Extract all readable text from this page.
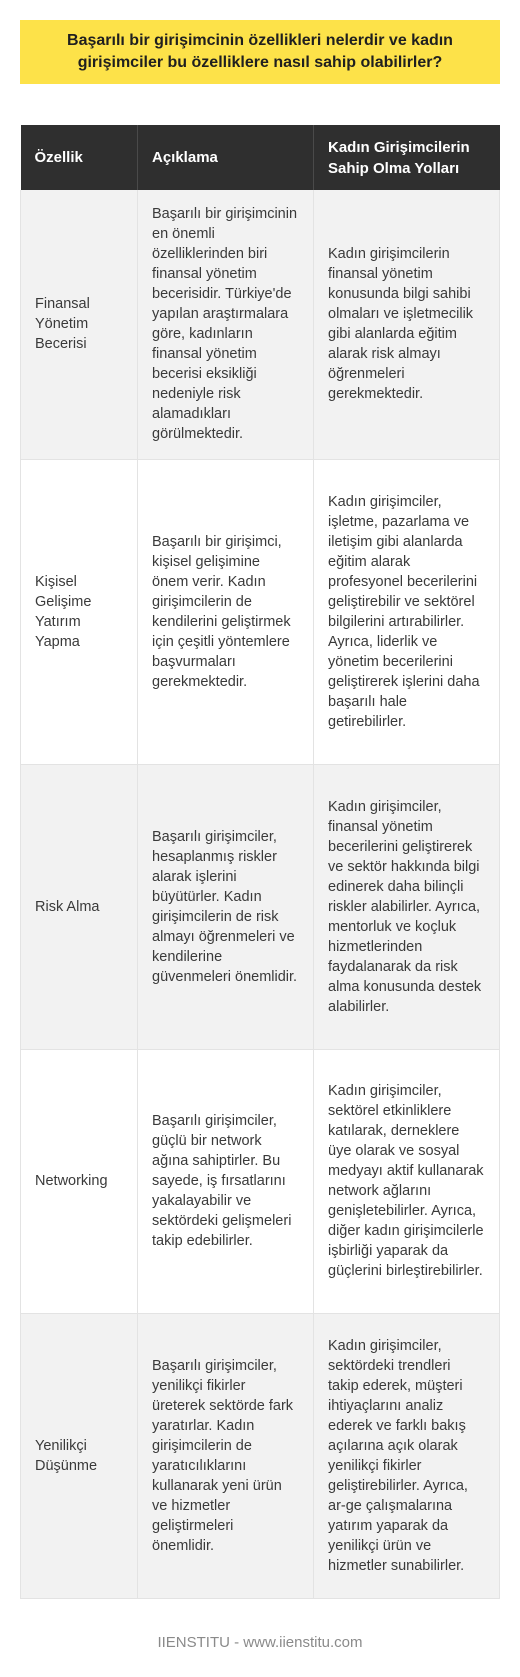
Başarılı bir girişimcinin özellikleri nelerdir ve kadın girişimciler bu özelliklere nasıl sahip olabilirler?
Özellik	Açıklama	Kadın Girişimcilerin Sahip Olma Yolları
Finansal Yönetim Becerisi	Başarılı bir girişimcinin en önemli özelliklerinden biri finansal yönetim becerisidir. Türkiye'de yapılan araştırmalara göre, kadınların finansal yönetim becerisi eksikliği nedeniyle risk alamadıkları görülmektedir.	Kadın girişimcilerin finansal yönetim konusunda bilgi sahibi olmaları ve işletmecilik gibi alanlarda eğitim alarak risk almayı öğrenmeleri gerekmektedir.
Kişisel Gelişime Yatırım Yapma	Başarılı bir girişimci, kişisel gelişimine önem verir. Kadın girişimcilerin de kendilerini geliştirmek için çeşitli yöntemlere başvurmaları gerekmektedir.	Kadın girişimciler, işletme, pazarlama ve iletişim gibi alanlarda eğitim alarak profesyonel becerilerini geliştirebilir ve sektörel bilgilerini artırabilirler. Ayrıca, liderlik ve yönetim becerilerini geliştirerek işlerini daha başarılı hale getirebilirler.
Risk Alma	Başarılı girişimciler, hesaplanmış riskler alarak işlerini büyütürler. Kadın girişimcilerin de risk almayı öğrenmeleri ve kendilerine güvenmeleri önemlidir.	Kadın girişimciler, finansal yönetim becerilerini geliştirerek ve sektör hakkında bilgi edinerek daha bilinçli riskler alabilirler. Ayrıca, mentorluk ve koçluk hizmetlerinden faydalanarak da risk alma konusunda destek alabilirler.
Networking	Başarılı girişimciler, güçlü bir network ağına sahiptirler. Bu sayede, iş fırsatlarını yakalayabilir ve sektördeki gelişmeleri takip edebilirler.	Kadın girişimciler, sektörel etkinliklere katılarak, derneklere üye olarak ve sosyal medyayı aktif kullanarak network ağlarını genişletebilirler. Ayrıca, diğer kadın girişimcilerle işbirliği yaparak da güçlerini birleştirebilirler.
Yenilikçi Düşünme	Başarılı girişimciler, yenilikçi fikirler üreterek sektörde fark yaratırlar. Kadın girişimcilerin de yaratıcılıklarını kullanarak yeni ürün ve hizmetler geliştirmeleri önemlidir.	Kadın girişimciler, sektördeki trendleri takip ederek, müşteri ihtiyaçlarını analiz ederek ve farklı bakış açılarına açık olarak yenilikçi fikirler geliştirebilirler. Ayrıca, ar-ge çalışmalarına yatırım yaparak da yenilikçi ürün ve hizmetler sunabilirler.
IIENSTITU - www.iienstitu.com
